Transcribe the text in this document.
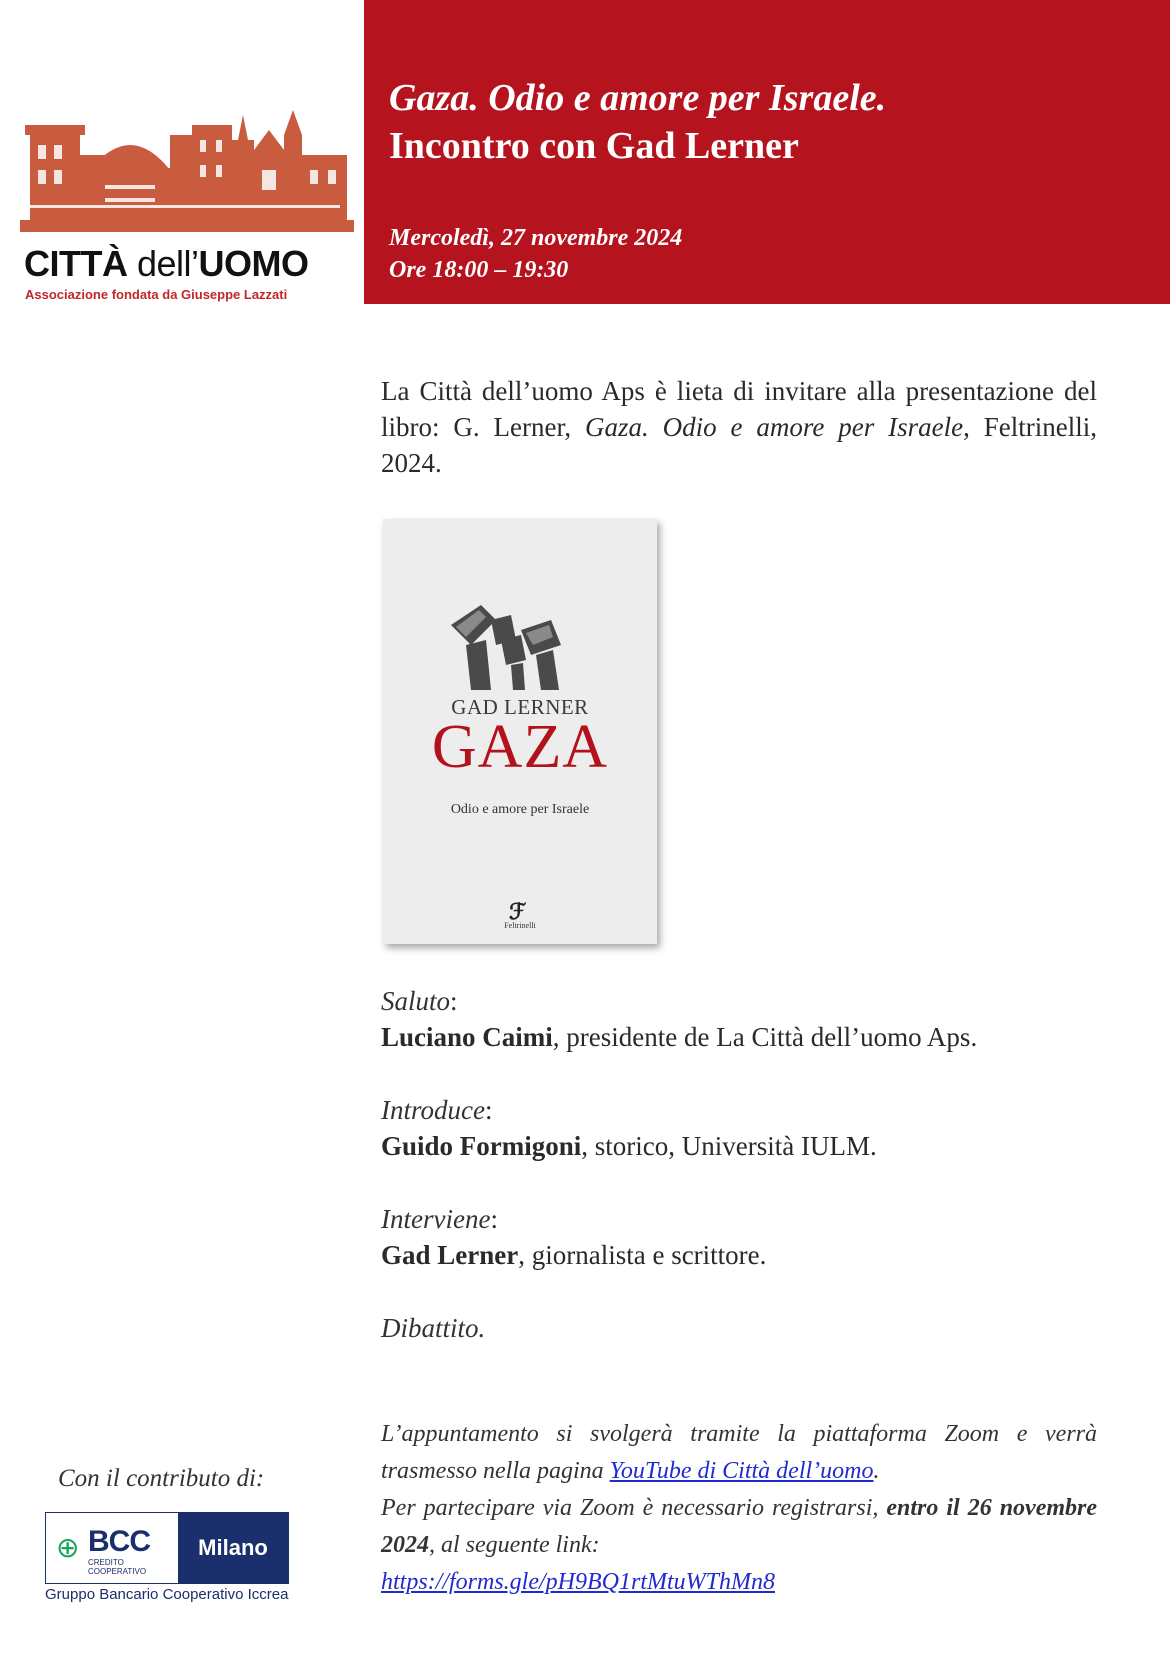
Gaza. Odio e amore per Israele.
Incontro con Gad Lerner
Mercoledì, 27 novembre 2024
Ore 18:00 – 19:30
CITTÀ dell’UOMO
Associazione fondata da Giuseppe Lazzati

La Città dell’uomo Aps è lieta di invitare alla presentazione del libro: G. Lerner, Gaza. Odio e amore per Israele, Feltrinelli, 2024.

GAD LERNER
GAZA
Odio e amore per Israele
ℱ
Feltrinelli
Saluto:
Luciano Caimi, presidente de La Città dell’uomo Aps.
Introduce:
Guido Formigoni, storico, Università IULM.
Interviene:
Gad Lerner, giornalista e scrittore.
Dibattito.

L’appuntamento si svolgerà tramite la piattaforma Zoom e verrà trasmesso nella pagina YouTube di Città dell’uomo.
Per partecipare via Zoom è necessario registrarsi, entro il 26 novembre 2024, al seguente link:
https://forms.gle/pH9BQ1rtMtuWThMn8

Con il contributo di:
⊕ BCC
CREDITO COOPERATIVO
Milano
Gruppo Bancario Cooperativo Iccrea
